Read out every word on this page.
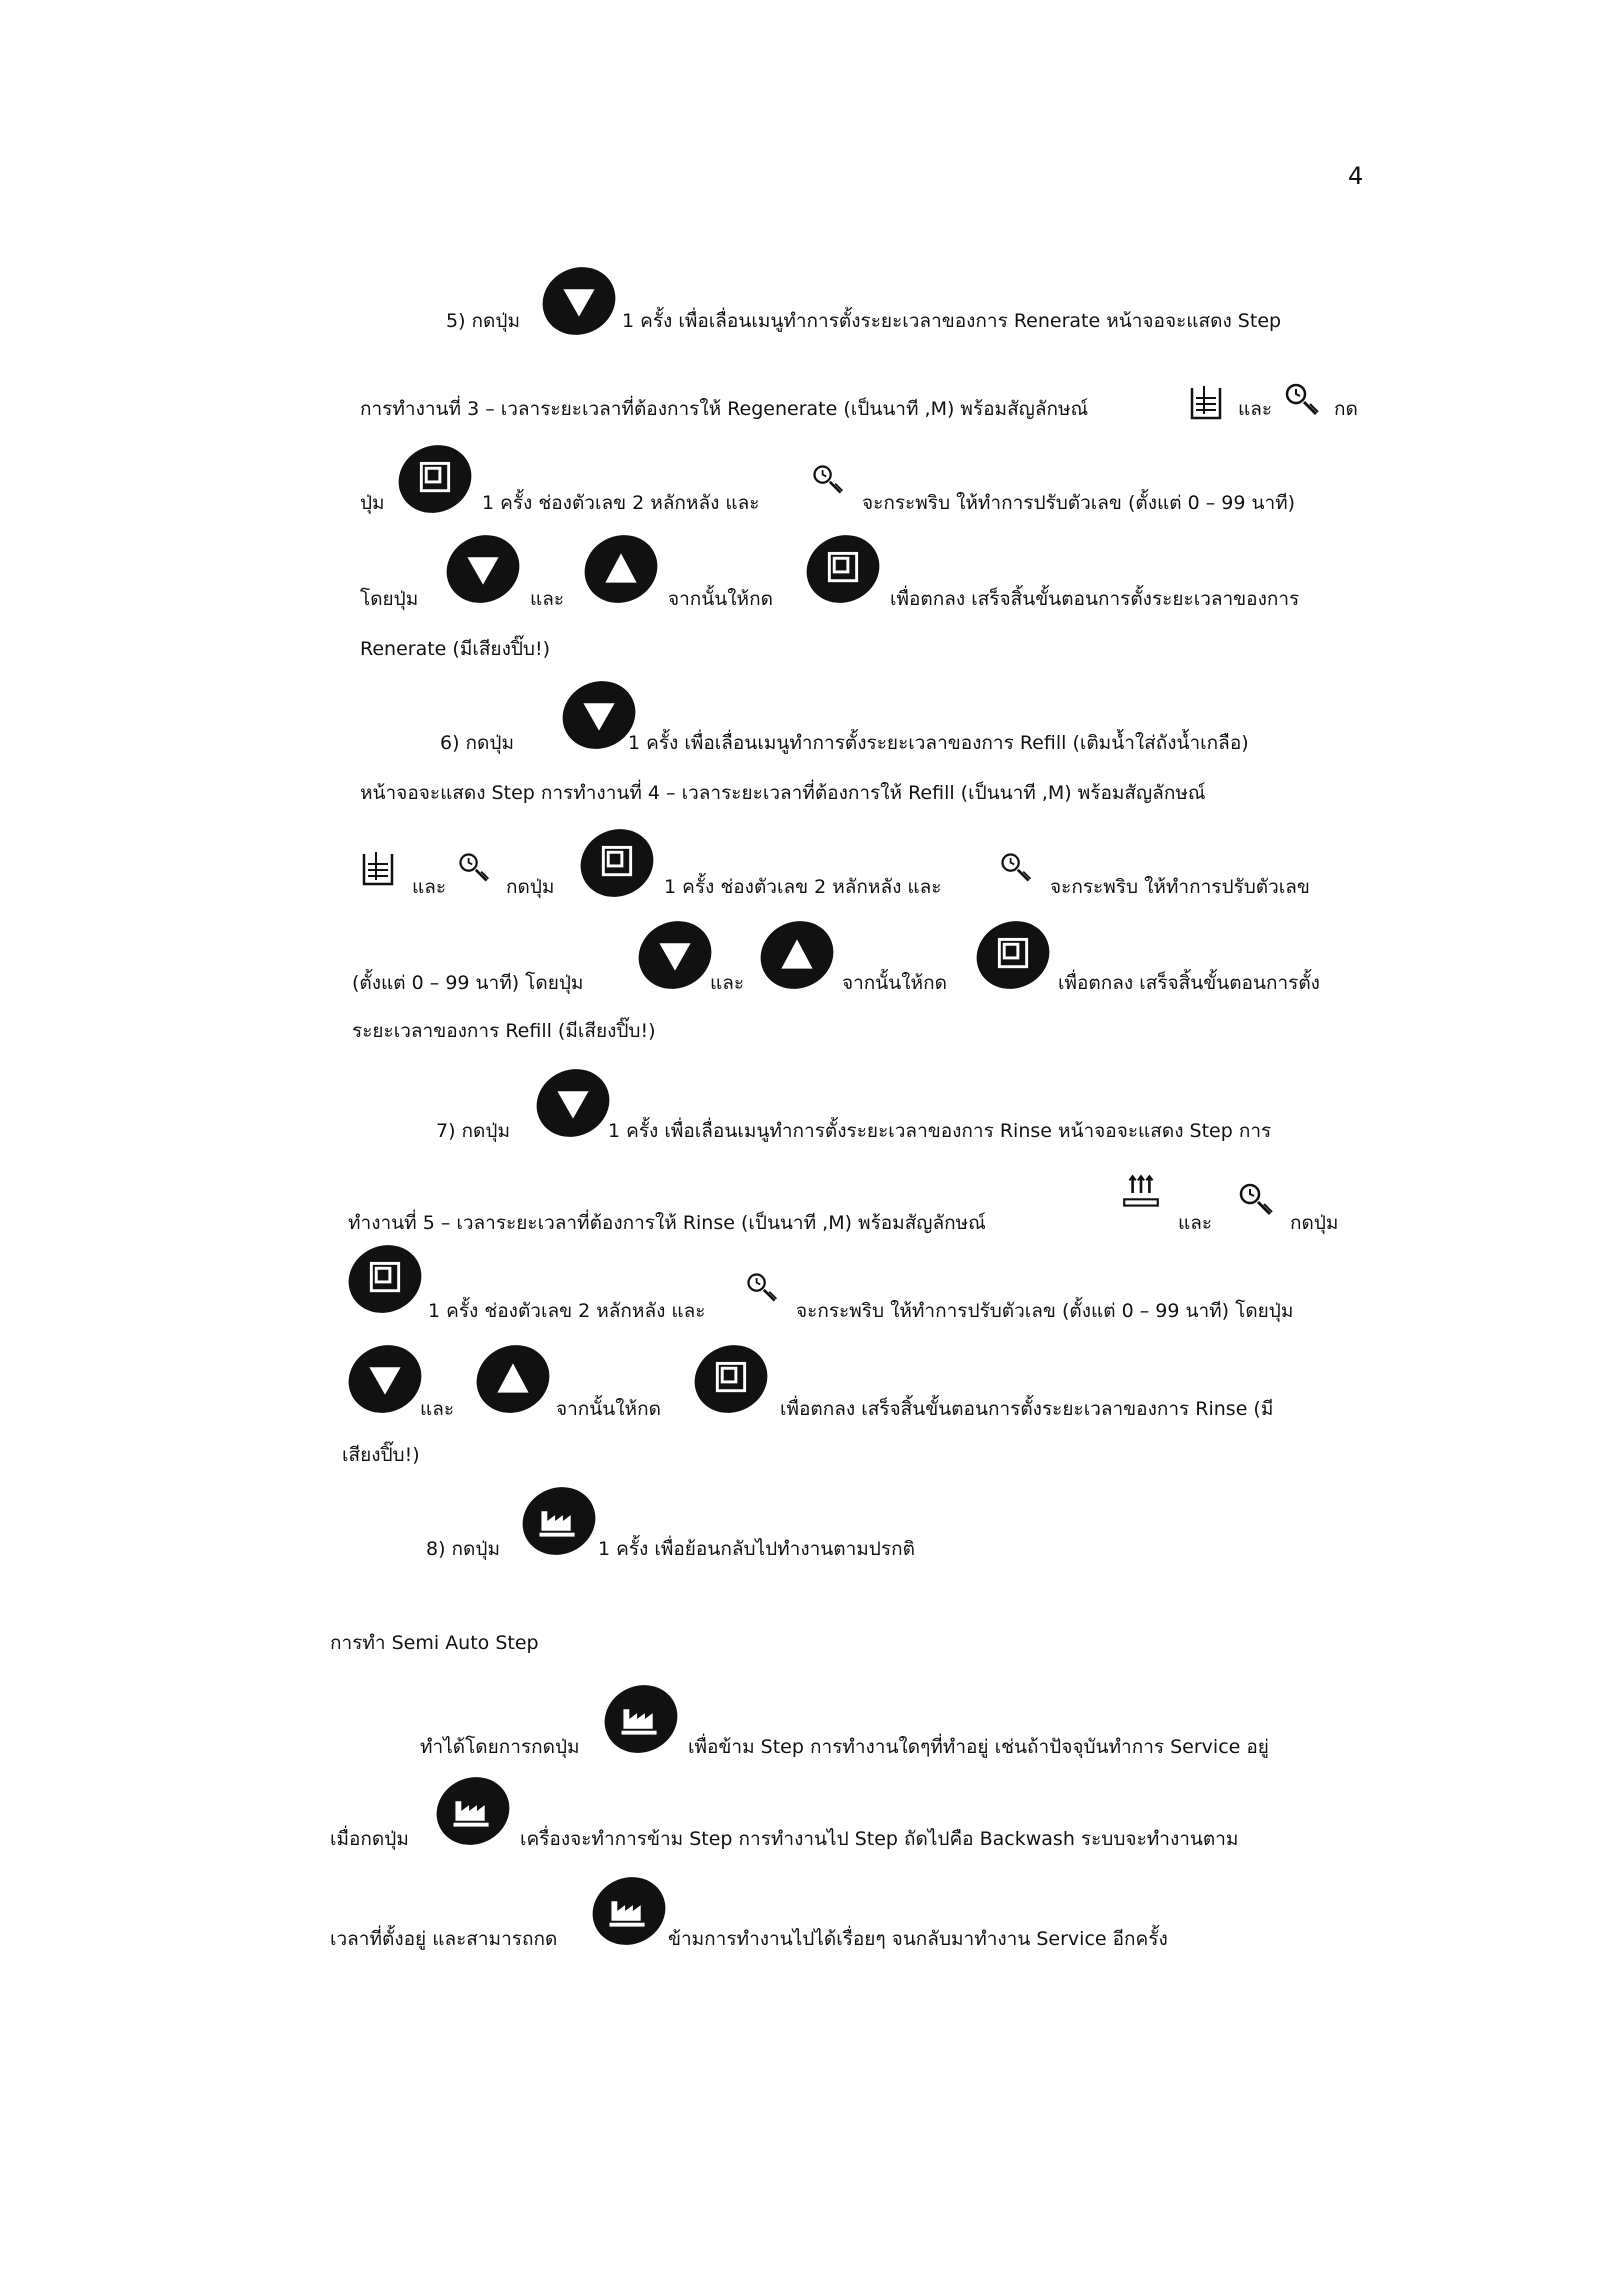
4
5) กดปุ่ม	1 ครั้ง เพื่อเลื่อนเมนูทำการตั้งระยะเวลาของการ Renerate หน้าจอจะแสดง Step
การทำงานที่ 3 – เวลาระยะเวลาที่ต้องการให้ Regenerate (เป็นนาที ,M) พร้อมสัญลักษณ์	และ	กด
ปุ่ม	1 ครั้ง ช่องตัวเลข 2 หลักหลัง และ	จะกระพริบ ให้ทำการปรับตัวเลข (ตั้งแต่ 0 – 99 นาที)
โดยปุ่ม	และ	จากนั้นให้กด	เพื่อตกลง เสร็จสิ้นขั้นตอนการตั้งระยะเวลาของการ
Renerate (มีเสียงปิ๊บ!)
6) กดปุ่ม	1 ครั้ง เพื่อเลื่อนเมนูทำการตั้งระยะเวลาของการ Refill (เติมน้ำใส่ถังน้ำเกลือ)
หน้าจอจะแสดง Step การทำงานที่ 4 – เวลาระยะเวลาที่ต้องการให้ Refill (เป็นนาที ,M) พร้อมสัญลักษณ์
และ	กดปุ่ม	1 ครั้ง ช่องตัวเลข 2 หลักหลัง และ	จะกระพริบ ให้ทำการปรับตัวเลข
(ตั้งแต่ 0 – 99 นาที) โดยปุ่ม	และ	จากนั้นให้กด	เพื่อตกลง เสร็จสิ้นขั้นตอนการตั้ง
ระยะเวลาของการ Refill (มีเสียงปิ๊บ!)
7) กดปุ่ม	1 ครั้ง เพื่อเลื่อนเมนูทำการตั้งระยะเวลาของการ Rinse หน้าจอจะแสดง Step การ
ทำงานที่ 5 – เวลาระยะเวลาที่ต้องการให้ Rinse (เป็นนาที ,M) พร้อมสัญลักษณ์	และ	กดปุ่ม
1 ครั้ง ช่องตัวเลข 2 หลักหลัง และ	จะกระพริบ ให้ทำการปรับตัวเลข (ตั้งแต่ 0 – 99 นาที) โดยปุ่ม
และ	จากนั้นให้กด	เพื่อตกลง เสร็จสิ้นขั้นตอนการตั้งระยะเวลาของการ Rinse (มี
เสียงปิ๊บ!)
8) กดปุ่ม	1 ครั้ง เพื่อย้อนกลับไปทำงานตามปรกติ
การทำ Semi Auto Step
ทำได้โดยการกดปุ่ม	เพื่อข้าม Step การทำงานใดๆที่ทำอยู่ เช่นถ้าปัจจุบันทำการ Service อยู่
เมื่อกดปุ่ม	เครื่องจะทำการข้าม Step การทำงานไป Step ถัดไปคือ Backwash ระบบจะทำงานตาม
เวลาที่ตั้งอยู่ และสามารถกด	ข้ามการทำงานไปได้เรื่อยๆ จนกลับมาทำงาน Service อีกครั้ง
